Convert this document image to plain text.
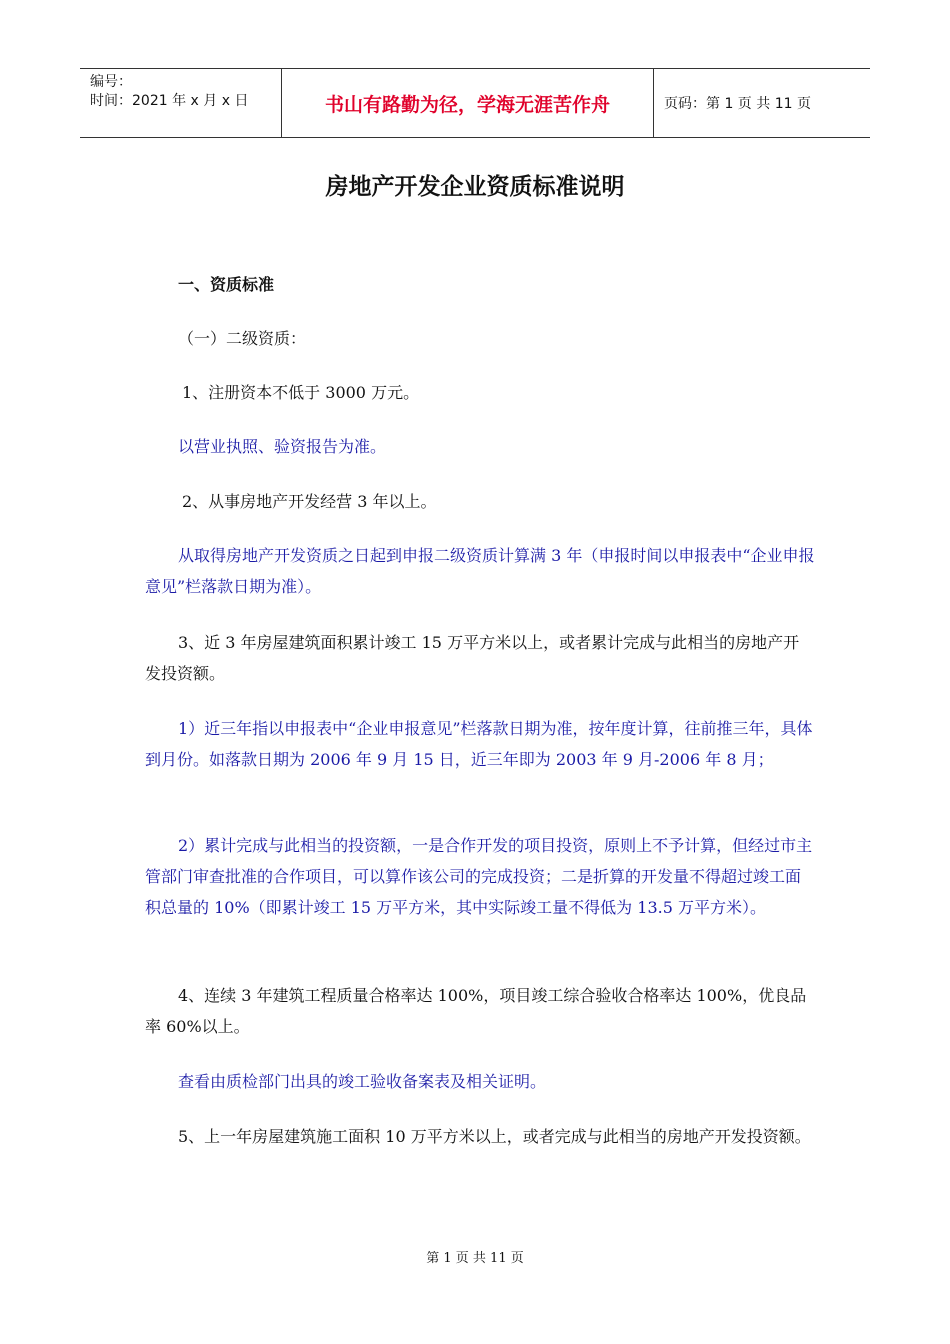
编号：
时间：2021 年 x 月 x 日	书山有路勤为径，学海无涯苦作舟	页码：第 1 页 共 11 页
房地产开发企业资质标准说明

一、资质标准

（一）二级资质：

1、注册资本不低于 3000 万元。

以营业执照、验资报告为准。

2、从事房地产开发经营 3 年以上。

从取得房地产开发资质之日起到申报二级资质计算满 3 年（申报时间以申报表中“企业申报意见”栏落款日期为准）。

3、近 3 年房屋建筑面积累计竣工 15 万平方米以上，或者累计完成与此相当的房地产开发投资额。

1）近三年指以申报表中“企业申报意见”栏落款日期为准，按年度计算，往前推三年，具体到月份。如落款日期为 2006 年 9 月 15 日，近三年即为 2003 年 9 月-2006 年 8 月；

2）累计完成与此相当的投资额，一是合作开发的项目投资，原则上不予计算，但经过市主管部门审查批准的合作项目，可以算作该公司的完成投资；二是折算的开发量不得超过竣工面积总量的 10%（即累计竣工 15 万平方米，其中实际竣工量不得低为 13.5 万平方米）。

4、连续 3 年建筑工程质量合格率达 100%，项目竣工综合验收合格率达 100%，优良品率 60%以上。

查看由质检部门出具的竣工验收备案表及相关证明。

5、上一年房屋建筑施工面积 10 万平方米以上，或者完成与此相当的房地产开发投资额。

第 1 页 共 11 页
